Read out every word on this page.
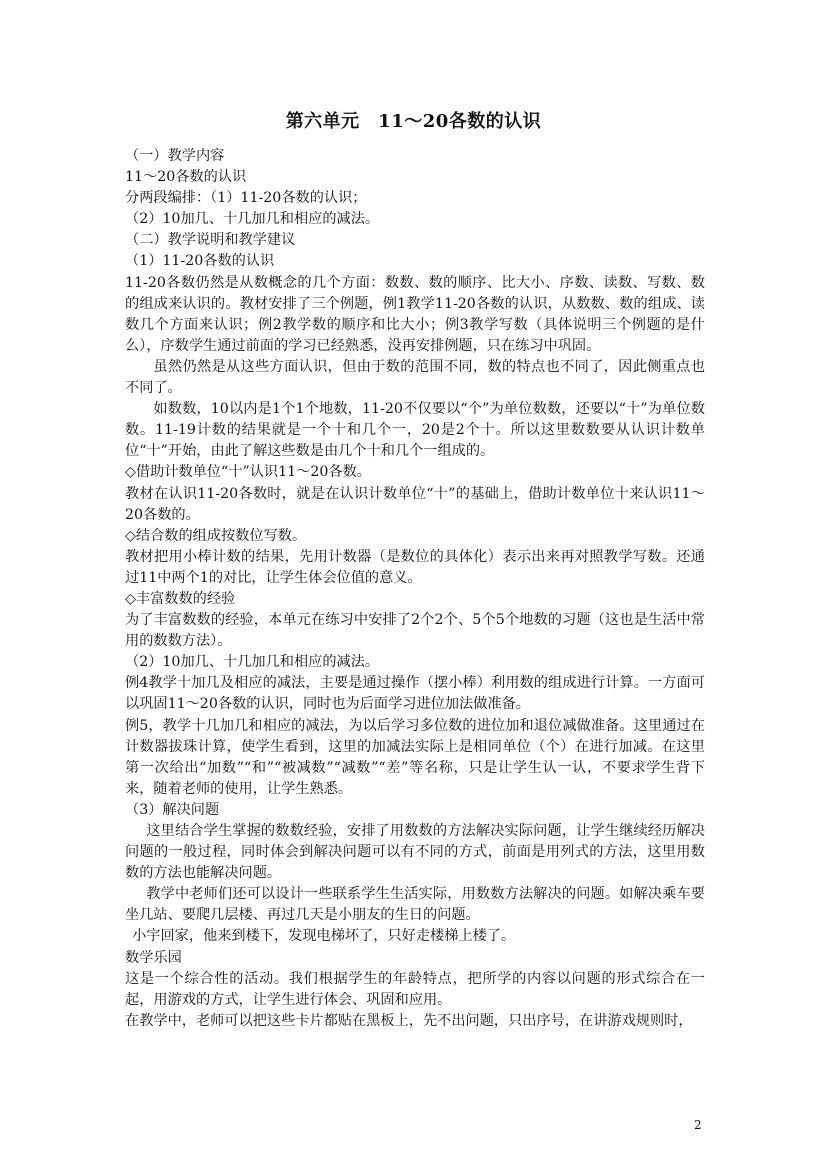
第六单元　11～20各数的认识

（一）教学内容

11～20各数的认识

分两段编排：（1）11-20各数的认识；

（2）10加几、十几加几和相应的减法。

（二）教学说明和教学建议

（1）11-20各数的认识

11-20各数仍然是从数概念的几个方面：数数、数的顺序、比大小、序数、读数、写数、数的组成来认识的。教材安排了三个例题，例1教学11-20各数的认识，从数数、数的组成、读数几个方面来认识；例2教学数的顺序和比大小；例3教学写数（具体说明三个例题的是什么），序数学生通过前面的学习已经熟悉，没再安排例题，只在练习中巩固。

虽然仍然是从这些方面认识，但由于数的范围不同，数的特点也不同了，因此侧重点也不同了。

如数数，10以内是1个1个地数，11-20不仅要以“个”为单位数数，还要以“十”为单位数数。11-19计数的结果就是一个十和几个一，20是2个十。所以这里数数要从认识计数单位“十”开始，由此了解这些数是由几个十和几个一组成的。

◇借助计数单位“十”认识11～20各数。

教材在认识11-20各数时，就是在认识计数单位“十”的基础上，借助计数单位十来认识11～20各数的。

◇结合数的组成按数位写数。

教材把用小棒计数的结果，先用计数器（是数位的具体化）表示出来再对照教学写数。还通过11中两个1的对比，让学生体会位值的意义。

◇丰富数数的经验

为了丰富数数的经验，本单元在练习中安排了2个2个、5个5个地数的习题（这也是生活中常用的数数方法）。

（2）10加几、十几加几和相应的减法。

例4教学十加几及相应的减法，主要是通过操作（摆小棒）利用数的组成进行计算。一方面可以巩固11～20各数的认识，同时也为后面学习进位加法做准备。

例5，教学十几加几和相应的减法，为以后学习多位数的进位加和退位减做准备。这里通过在计数器拔珠计算，使学生看到，这里的加减法实际上是相同单位（个）在进行加减。在这里第一次给出“加数”“和”“被减数”“减数”“差”等名称，只是让学生认一认，不要求学生背下来，随着老师的使用，让学生熟悉。

（3）解决问题

这里结合学生掌握的数数经验，安排了用数数的方法解决实际问题，让学生继续经历解决问题的一般过程，同时体会到解决问题可以有不同的方式，前面是用列式的方法，这里用数数的方法也能解决问题。

教学中老师们还可以设计一些联系学生生活实际，用数数方法解决的问题。如解决乘车要坐几站、要爬几层楼、再过几天是小朋友的生日的问题。

小宇回家，他来到楼下，发现电梯坏了，只好走楼梯上楼了。

数学乐园

这是一个综合性的活动。我们根据学生的年龄特点，把所学的内容以问题的形式综合在一起，用游戏的方式，让学生进行体会、巩固和应用。

在教学中，老师可以把这些卡片都贴在黑板上，先不出问题，只出序号，在讲游戏规则时，

2
